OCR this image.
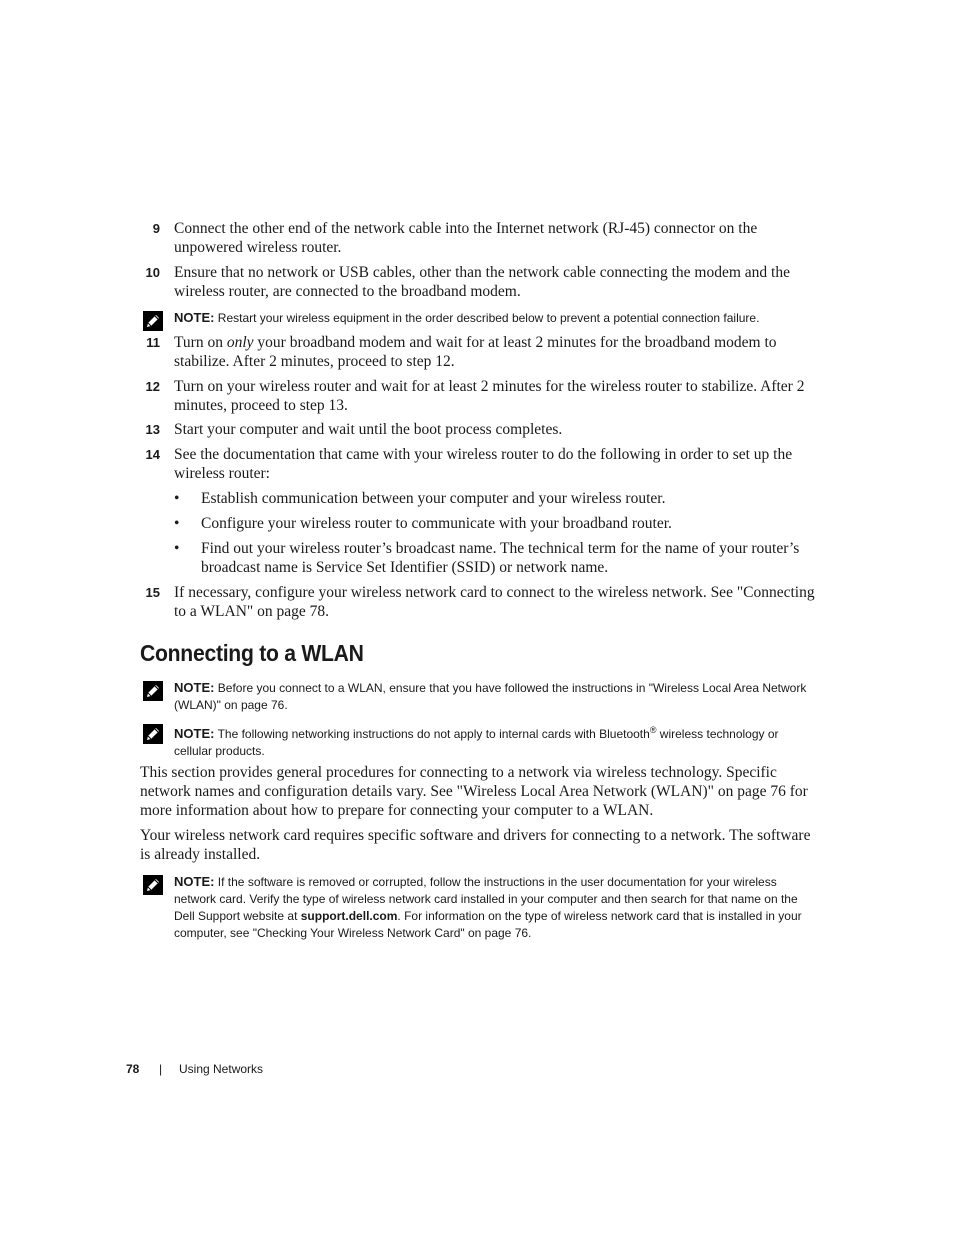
9 Connect the other end of the network cable into the Internet network (RJ-45) connector on the unpowered wireless router.
10 Ensure that no network or USB cables, other than the network cable connecting the modem and the wireless router, are connected to the broadband modem.
NOTE: Restart your wireless equipment in the order described below to prevent a potential connection failure.
11 Turn on only your broadband modem and wait for at least 2 minutes for the broadband modem to stabilize. After 2 minutes, proceed to step 12.
12 Turn on your wireless router and wait for at least 2 minutes for the wireless router to stabilize. After 2 minutes, proceed to step 13.
13 Start your computer and wait until the boot process completes.
14 See the documentation that came with your wireless router to do the following in order to set up the wireless router:
• Establish communication between your computer and your wireless router.
• Configure your wireless router to communicate with your broadband router.
• Find out your wireless router’s broadcast name. The technical term for the name of your router’s broadcast name is Service Set Identifier (SSID) or network name.
15 If necessary, configure your wireless network card to connect to the wireless network. See "Connecting to a WLAN" on page 78.
Connecting to a WLAN
NOTE: Before you connect to a WLAN, ensure that you have followed the instructions in "Wireless Local Area Network (WLAN)" on page 76.
NOTE: The following networking instructions do not apply to internal cards with Bluetooth® wireless technology or cellular products.
This section provides general procedures for connecting to a network via wireless technology. Specific network names and configuration details vary. See "Wireless Local Area Network (WLAN)" on page 76 for more information about how to prepare for connecting your computer to a WLAN.
Your wireless network card requires specific software and drivers for connecting to a network. The software is already installed.
NOTE: If the software is removed or corrupted, follow the instructions in the user documentation for your wireless network card. Verify the type of wireless network card installed in your computer and then search for that name on the Dell Support website at support.dell.com. For information on the type of wireless network card that is installed in your computer, see "Checking Your Wireless Network Card" on page 76.
78 | Using Networks
